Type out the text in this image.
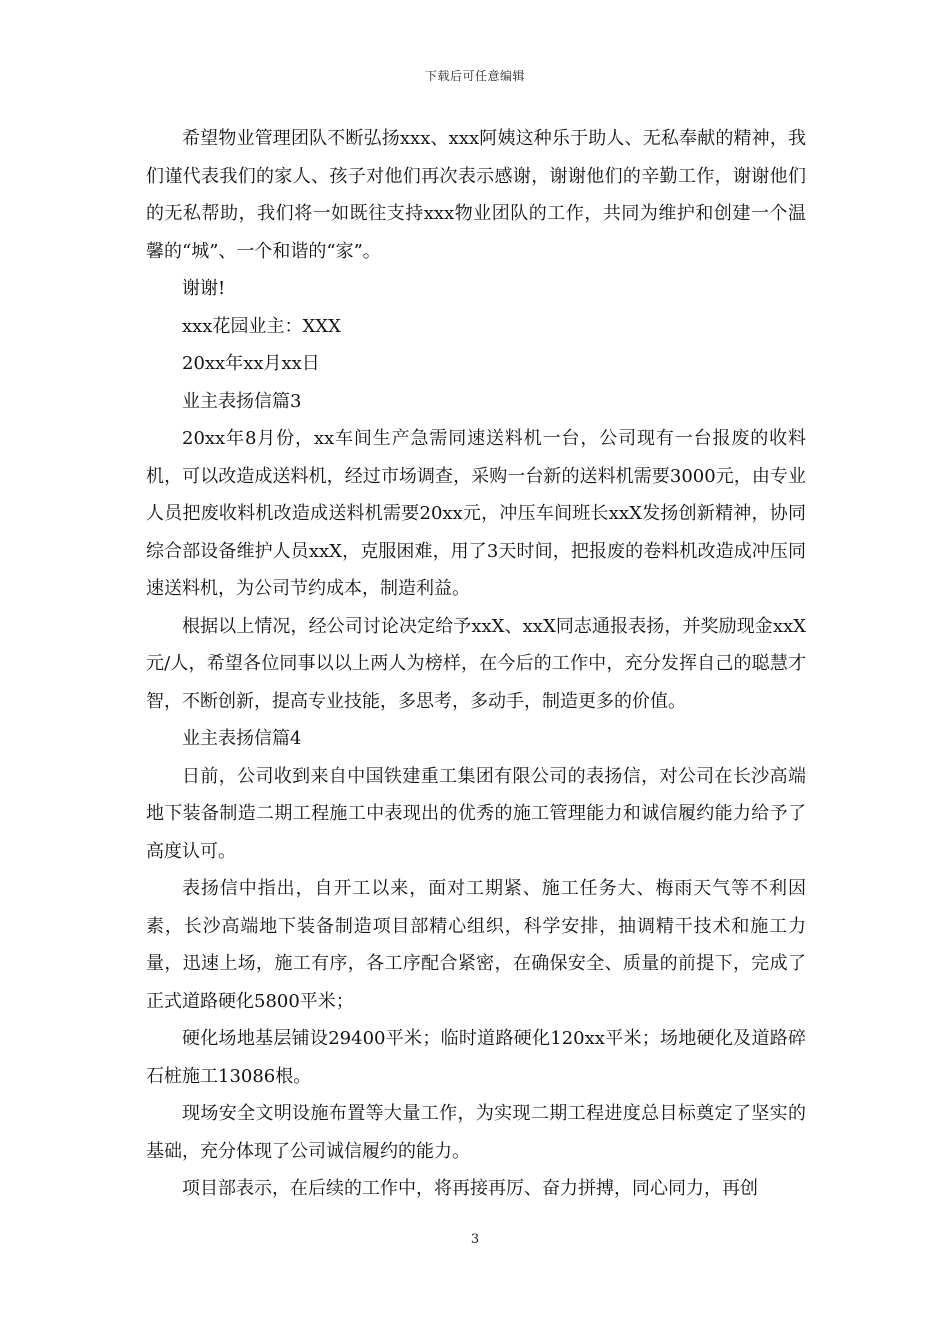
下载后可任意编辑

希望物业管理团队不断弘扬xxx、xxx阿姨这种乐于助人、无私奉献的精神，我们谨代表我们的家人、孩子对他们再次表示感谢，谢谢他们的辛勤工作，谢谢他们的无私帮助，我们将一如既往支持xxx物业团队的工作，共同为维护和创建一个温馨的“城”、一个和谐的“家”。

谢谢!

xxx花园业主：XXX

20xx年xx月xx日

业主表扬信篇3

20xx年8月份，xx车间生产急需同速送料机一台，公司现有一台报废的收料机，可以改造成送料机，经过市场调查，采购一台新的送料机需要3000元，由专业人员把废收料机改造成送料机需要20xx元，冲压车间班长xxX发扬创新精神，协同综合部设备维护人员xxX，克服困难，用了3天时间，把报废的卷料机改造成冲压同速送料机，为公司节约成本，制造利益。

根据以上情况，经公司讨论决定给予xxX、xxX同志通报表扬，并奖励现金xxX元/人，希望各位同事以以上两人为榜样，在今后的工作中，充分发挥自己的聪慧才智，不断创新，提高专业技能，多思考，多动手，制造更多的价值。

业主表扬信篇4

日前，公司收到来自中国铁建重工集团有限公司的表扬信，对公司在长沙高端地下装备制造二期工程施工中表现出的优秀的施工管理能力和诚信履约能力给予了高度认可。

表扬信中指出，自开工以来，面对工期紧、施工任务大、梅雨天气等不利因素，长沙高端地下装备制造项目部精心组织，科学安排，抽调精干技术和施工力量，迅速上场，施工有序，各工序配合紧密，在确保安全、质量的前提下，完成了正式道路硬化5800平米；

硬化场地基层铺设29400平米；临时道路硬化120xx平米；场地硬化及道路碎石桩施工13086根。

现场安全文明设施布置等大量工作，为实现二期工程进度总目标奠定了坚实的基础，充分体现了公司诚信履约的能力。

项目部表示，在后续的工作中，将再接再厉、奋力拼搏，同心同力，再创

3
